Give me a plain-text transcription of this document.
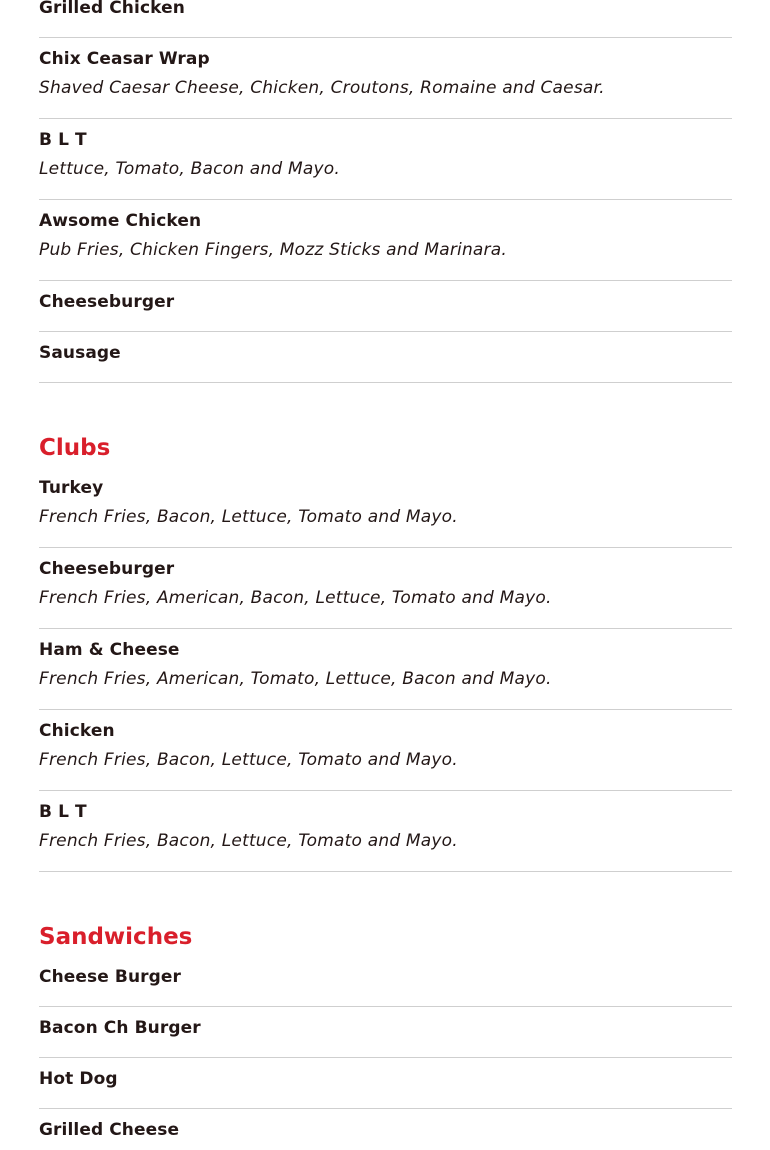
Grilled Chicken
Chix Ceasar Wrap
Shaved Caesar Cheese, Chicken, Croutons, Romaine and Caesar.
B L T
Lettuce, Tomato, Bacon and Mayo.
Awsome Chicken
Pub Fries, Chicken Fingers, Mozz Sticks and Marinara.
Cheeseburger
Sausage
Clubs
Turkey
French Fries, Bacon, Lettuce, Tomato and Mayo.
Cheeseburger
French Fries, American, Bacon, Lettuce, Tomato and Mayo.
Ham & Cheese
French Fries, American, Tomato, Lettuce, Bacon and Mayo.
Chicken
French Fries, Bacon, Lettuce, Tomato and Mayo.
B L T
French Fries, Bacon, Lettuce, Tomato and Mayo.
Sandwiches
Cheese Burger
Bacon Ch Burger
Hot Dog
Grilled Cheese
